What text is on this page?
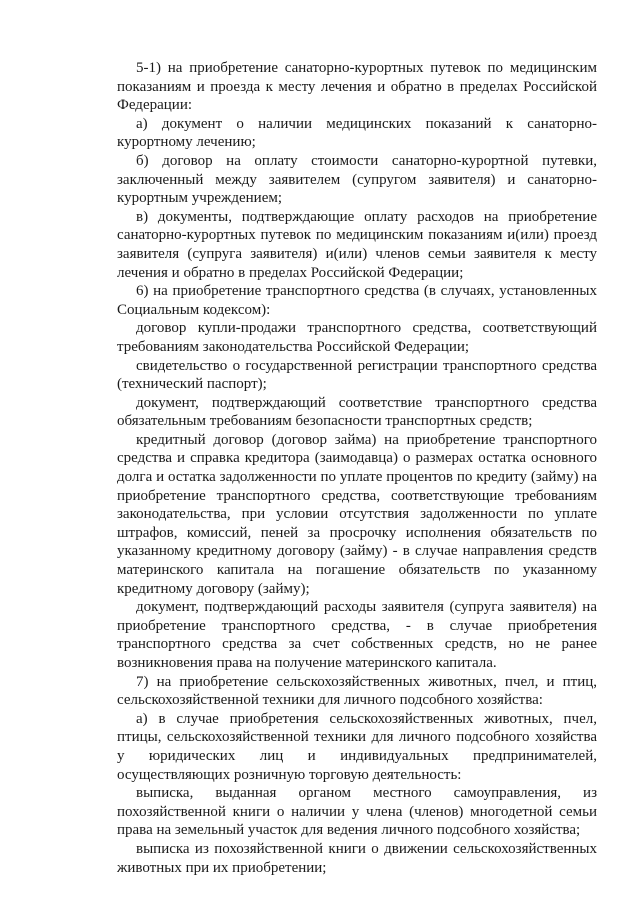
5-1) на приобретение санаторно-курортных путевок по медицинским показаниям и проезда к месту лечения и обратно в пределах Российской Федерации:

а) документ о наличии медицинских показаний к санаторно-курортному лечению;

б) договор на оплату стоимости санаторно-курортной путевки, заключенный между заявителем (супругом заявителя) и санаторно-курортным учреждением;

в) документы, подтверждающие оплату расходов на приобретение санаторно-курортных путевок по медицинским показаниям и(или) проезд заявителя (супруга заявителя) и(или) членов семьи заявителя к месту лечения и обратно в пределах Российской Федерации;

6) на приобретение транспортного средства (в случаях, установленных Социальным кодексом):

договор купли-продажи транспортного средства, соответствующий требованиям законодательства Российской Федерации;

свидетельство о государственной регистрации транспортного средства (технический паспорт);

документ, подтверждающий соответствие транспортного средства обязательным требованиям безопасности транспортных средств;

кредитный договор (договор займа) на приобретение транспортного средства и справка кредитора (заимодавца) о размерах остатка основного долга и остатка задолженности по уплате процентов по кредиту (займу) на приобретение транспортного средства, соответствующие требованиям законодательства, при условии отсутствия задолженности по уплате штрафов, комиссий, пеней за просрочку исполнения обязательств по указанному кредитному договору (займу) - в случае направления средств материнского капитала на погашение обязательств по указанному кредитному договору (займу);

документ, подтверждающий расходы заявителя (супруга заявителя) на приобретение транспортного средства, - в случае приобретения транспортного средства за счет собственных средств, но не ранее возникновения права на получение материнского капитала.

7) на приобретение сельскохозяйственных животных, пчел, и птиц, сельскохозяйственной техники для личного подсобного хозяйства:

а) в случае приобретения сельскохозяйственных животных, пчел, птицы, сельскохозяйственной техники для личного подсобного хозяйства у юридических лиц и индивидуальных предпринимателей, осуществляющих розничную торговую деятельность:

выписка, выданная органом местного самоуправления, из похозяйственной книги о наличии у члена (членов) многодетной семьи права на земельный участок для ведения личного подсобного хозяйства;

выписка из похозяйственной книги о движении сельскохозяйственных животных при их приобретении;
